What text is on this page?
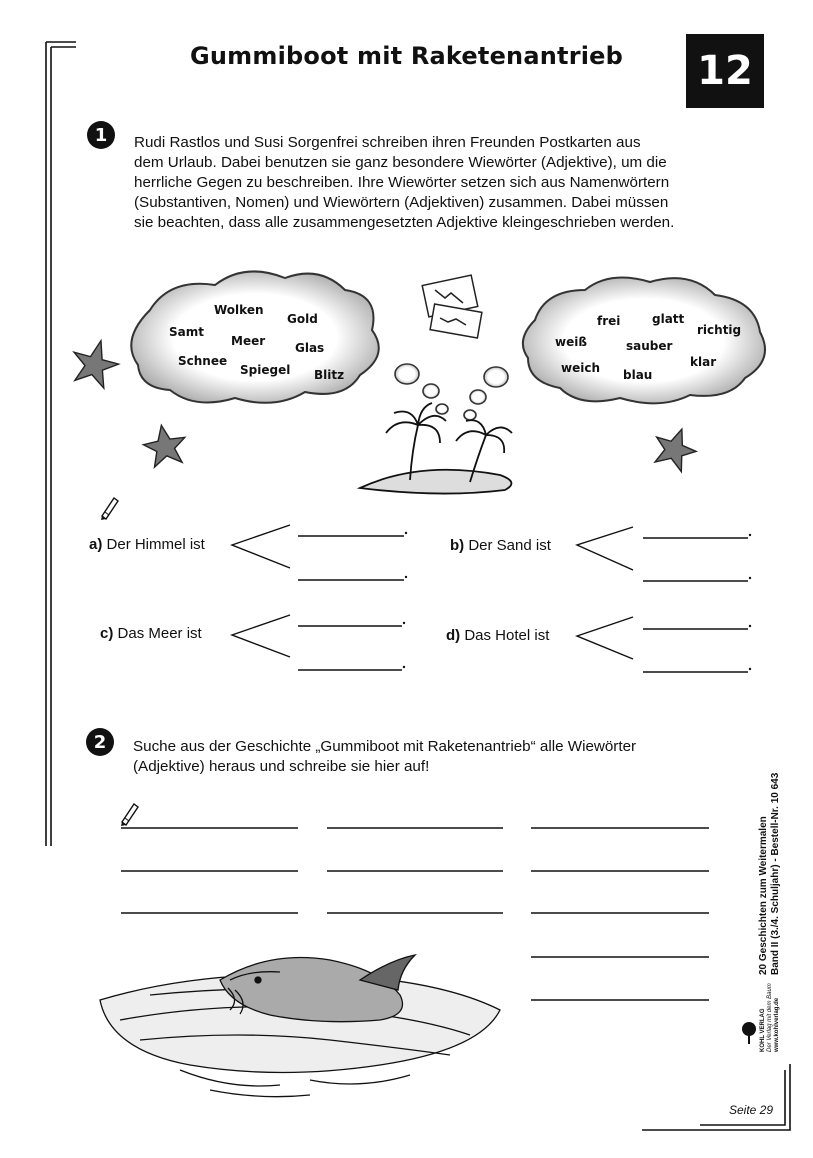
Gummiboot mit Raketenantrieb	12
1	Rudi Rastlos und Susi Sorgenfrei schreiben ihren Freunden Postkarten aus
dem Urlaub. Dabei benutzen sie ganz besondere Wiewörter (Adjektive), um die
herrliche Gegen zu beschreiben. Ihre Wiewörter setzen sich aus Namenwörtern
(Substantiven, Nomen) und Wiewörtern (Adjektiven) zusammen. Dabei müssen
sie beachten, dass alle zusammengesetzten Adjektive kleingeschrieben werden.
Wolken
Gold
Samt
Meer Glas
Schnee
Spiegel Blitz
frei	glatt
richtig
weiß	sauber
weich blau
klar
a) Der Himmel ist	b) Der Sand ist
c) Das Meer ist	d) Das Hotel ist
2	Suche aus der Geschichte „Gummiboot mit Raketenantrieb“ alle Wiewörter
(Adjektive) heraus und schreibe sie hier auf!
20 Geschichten zum Weitermalen Band II (3./4. Schuljahr) - Bestell-Nr. 10 643
KOHL VERLAG Der Verlag mit dem Baum www.kohlverlag.de
Seite 29
